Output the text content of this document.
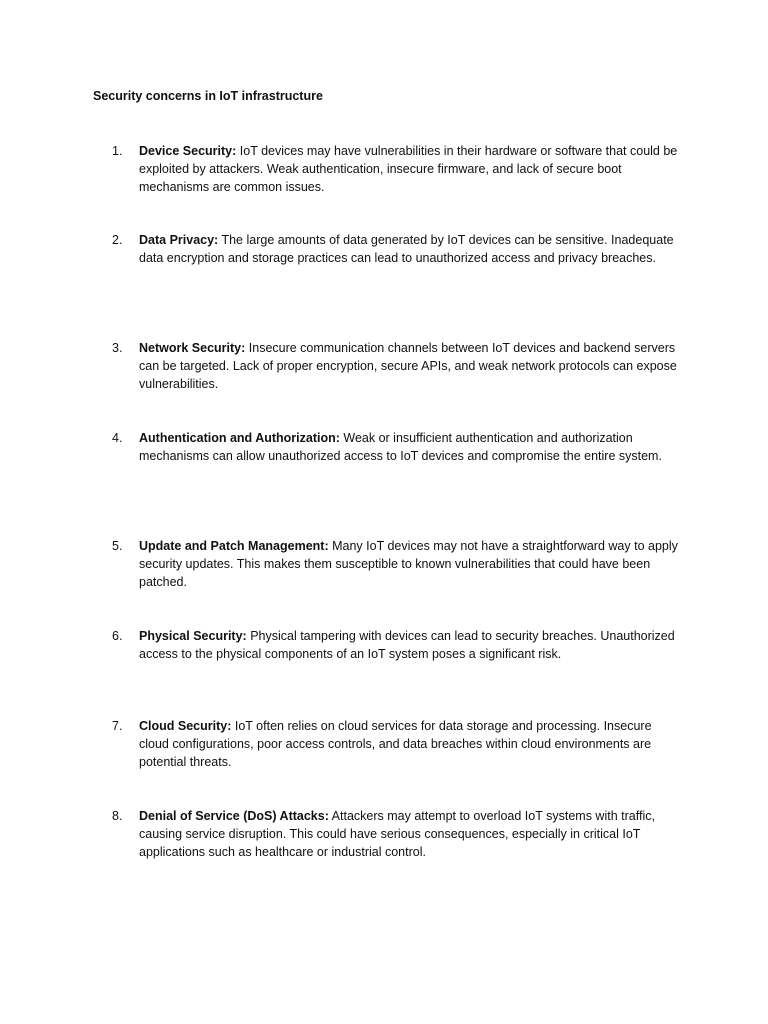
Security concerns in IoT infrastructure

1.	Device Security: IoT devices may have vulnerabilities in their hardware or software that could be exploited by attackers. Weak authentication, insecure firmware, and lack of secure boot mechanisms are common issues.
2.	Data Privacy: The large amounts of data generated by IoT devices can be sensitive. Inadequate data encryption and storage practices can lead to unauthorized access and privacy breaches.
3.	Network Security: Insecure communication channels between IoT devices and backend servers can be targeted. Lack of proper encryption, secure APIs, and weak network protocols can expose vulnerabilities.
4.	Authentication and Authorization: Weak or insufficient authentication and authorization mechanisms can allow unauthorized access to IoT devices and compromise the entire system.
5.	Update and Patch Management: Many IoT devices may not have a straightforward way to apply security updates. This makes them susceptible to known vulnerabilities that could have been patched.
6.	Physical Security: Physical tampering with devices can lead to security breaches. Unauthorized access to the physical components of an IoT system poses a significant risk.
7.	Cloud Security: IoT often relies on cloud services for data storage and processing. Insecure cloud configurations, poor access controls, and data breaches within cloud environments are potential threats.
8.	Denial of Service (DoS) Attacks: Attackers may attempt to overload IoT systems with traffic, causing service disruption. This could have serious consequences, especially in critical IoT applications such as healthcare or industrial control.
